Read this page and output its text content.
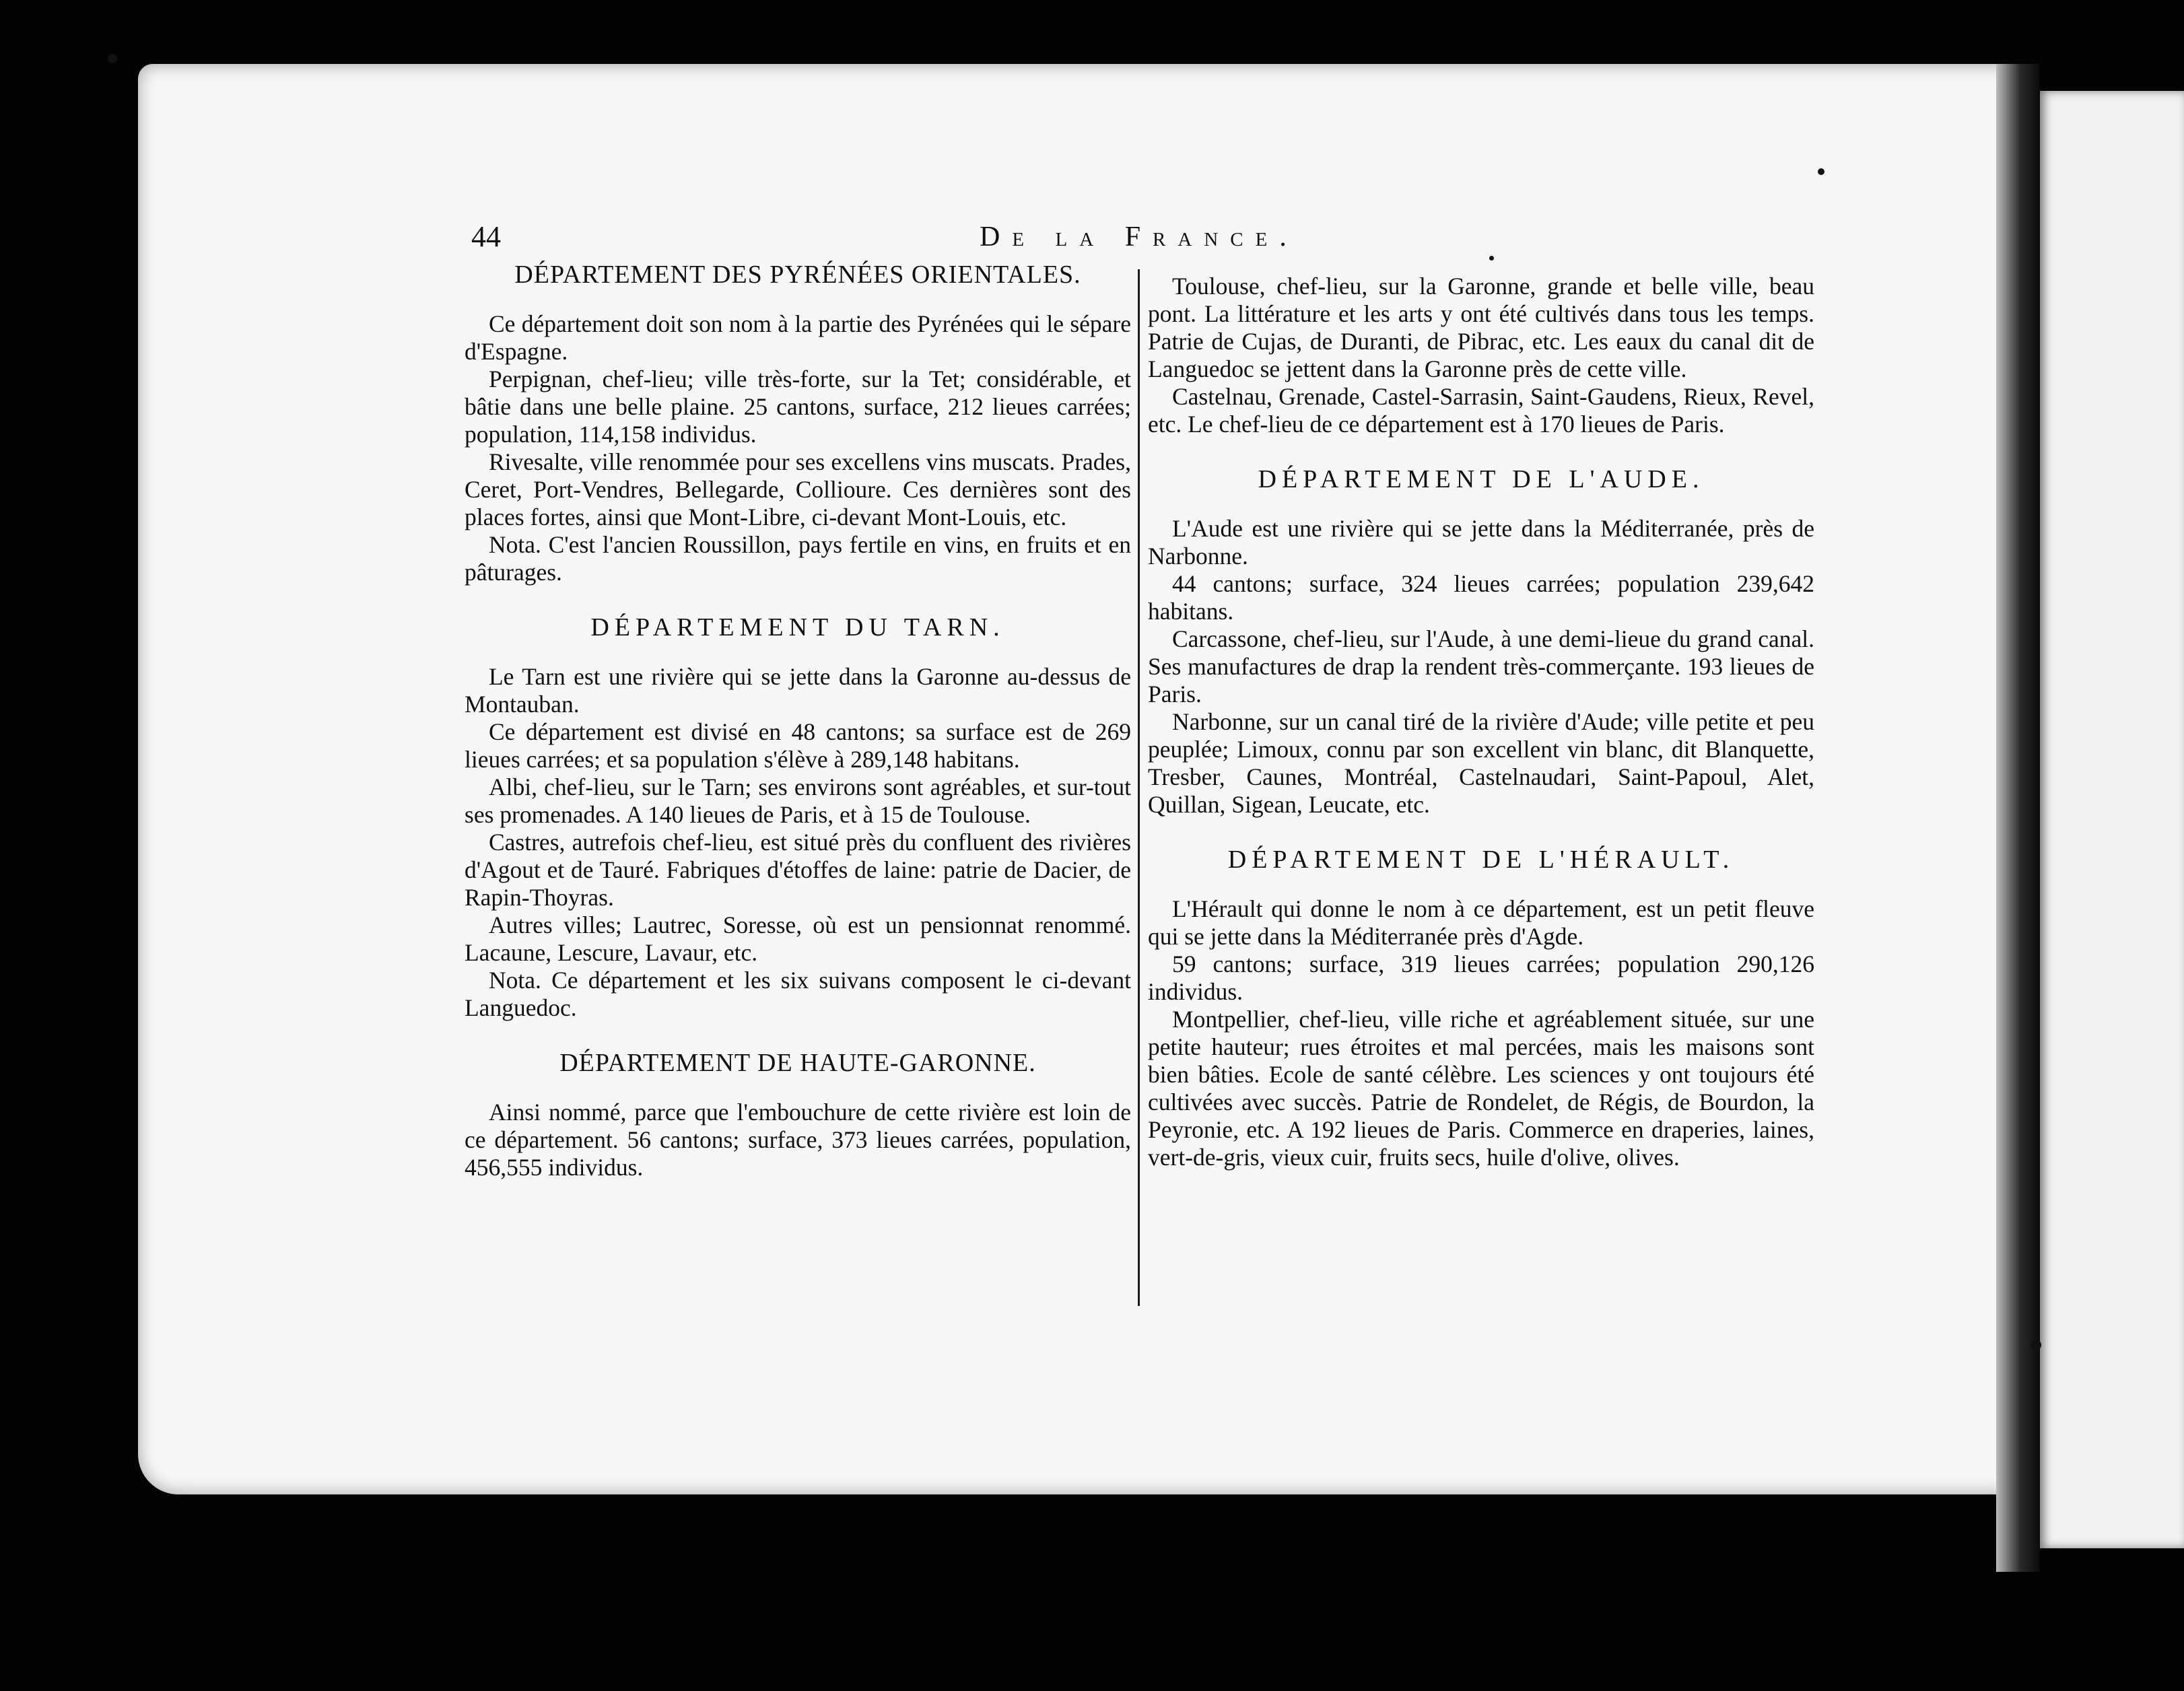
44	De la France.
DÉPARTEMENT DES PYRÉNÉES ORIENTALES.

Ce département doit son nom à la partie des Pyrénées qui le sépare d'Espagne.

Perpignan, chef-lieu; ville très-forte, sur la Tet; considérable, et bâtie dans une belle plaine. 25 cantons, surface, 212 lieues carrées; population, 114,158 individus.

Rivesalte, ville renommée pour ses excellens vins muscats. Prades, Ceret, Port-Vendres, Bellegarde, Collioure. Ces dernières sont des places fortes, ainsi que Mont-Libre, ci-devant Mont-Louis, etc.

Nota. C'est l'ancien Roussillon, pays fertile en vins, en fruits et en pâturages.

DÉPARTEMENT DU TARN.

Le Tarn est une rivière qui se jette dans la Garonne au-dessus de Montauban.

Ce département est divisé en 48 cantons; sa surface est de 269 lieues carrées; et sa population s'élève à 289,148 habitans.

Albi, chef-lieu, sur le Tarn; ses environs sont agréables, et sur-tout ses promenades. A 140 lieues de Paris, et à 15 de Toulouse.

Castres, autrefois chef-lieu, est situé près du confluent des rivières d'Agout et de Tauré. Fabriques d'étoffes de laine: patrie de Dacier, de Rapin-Thoyras.

Autres villes; Lautrec, Soresse, où est un pensionnat renommé. Lacaune, Lescure, Lavaur, etc.

Nota. Ce département et les six suivans composent le ci-devant Languedoc.

DÉPARTEMENT DE HAUTE-GARONNE.

Ainsi nommé, parce que l'embouchure de cette rivière est loin de ce département. 56 cantons; surface, 373 lieues carrées, population, 456,555 individus.

Toulouse, chef-lieu, sur la Garonne, grande et belle ville, beau pont. La littérature et les arts y ont été cultivés dans tous les temps. Patrie de Cujas, de Duranti, de Pibrac, etc. Les eaux du canal dit de Languedoc se jettent dans la Garonne près de cette ville.

Castelnau, Grenade, Castel-Sarrasin, Saint-Gaudens, Rieux, Revel, etc. Le chef-lieu de ce département est à 170 lieues de Paris.

DÉPARTEMENT DE L'AUDE.

L'Aude est une rivière qui se jette dans la Méditerranée, près de Narbonne.

44 cantons; surface, 324 lieues carrées; population 239,642 habitans.

Carcassone, chef-lieu, sur l'Aude, à une demi-lieue du grand canal. Ses manufactures de drap la rendent très-commerçante. 193 lieues de Paris.

Narbonne, sur un canal tiré de la rivière d'Aude; ville petite et peu peuplée; Limoux, connu par son excellent vin blanc, dit Blanquette, Tresber, Caunes, Montréal, Castelnaudari, Saint-Papoul, Alet, Quillan, Sigean, Leucate, etc.

DÉPARTEMENT DE L'HÉRAULT.

L'Hérault qui donne le nom à ce département, est un petit fleuve qui se jette dans la Méditerranée près d'Agde.

59 cantons; surface, 319 lieues carrées; population 290,126 individus.

Montpellier, chef-lieu, ville riche et agréablement située, sur une petite hauteur; rues étroites et mal percées, mais les maisons sont bien bâties. Ecole de santé célèbre. Les sciences y ont toujours été cultivées avec succès. Patrie de Rondelet, de Régis, de Bourdon, la Peyronie, etc. A 192 lieues de Paris. Commerce en draperies, laines, vert-de-gris, vieux cuir, fruits secs, huile d'olive, olives.
